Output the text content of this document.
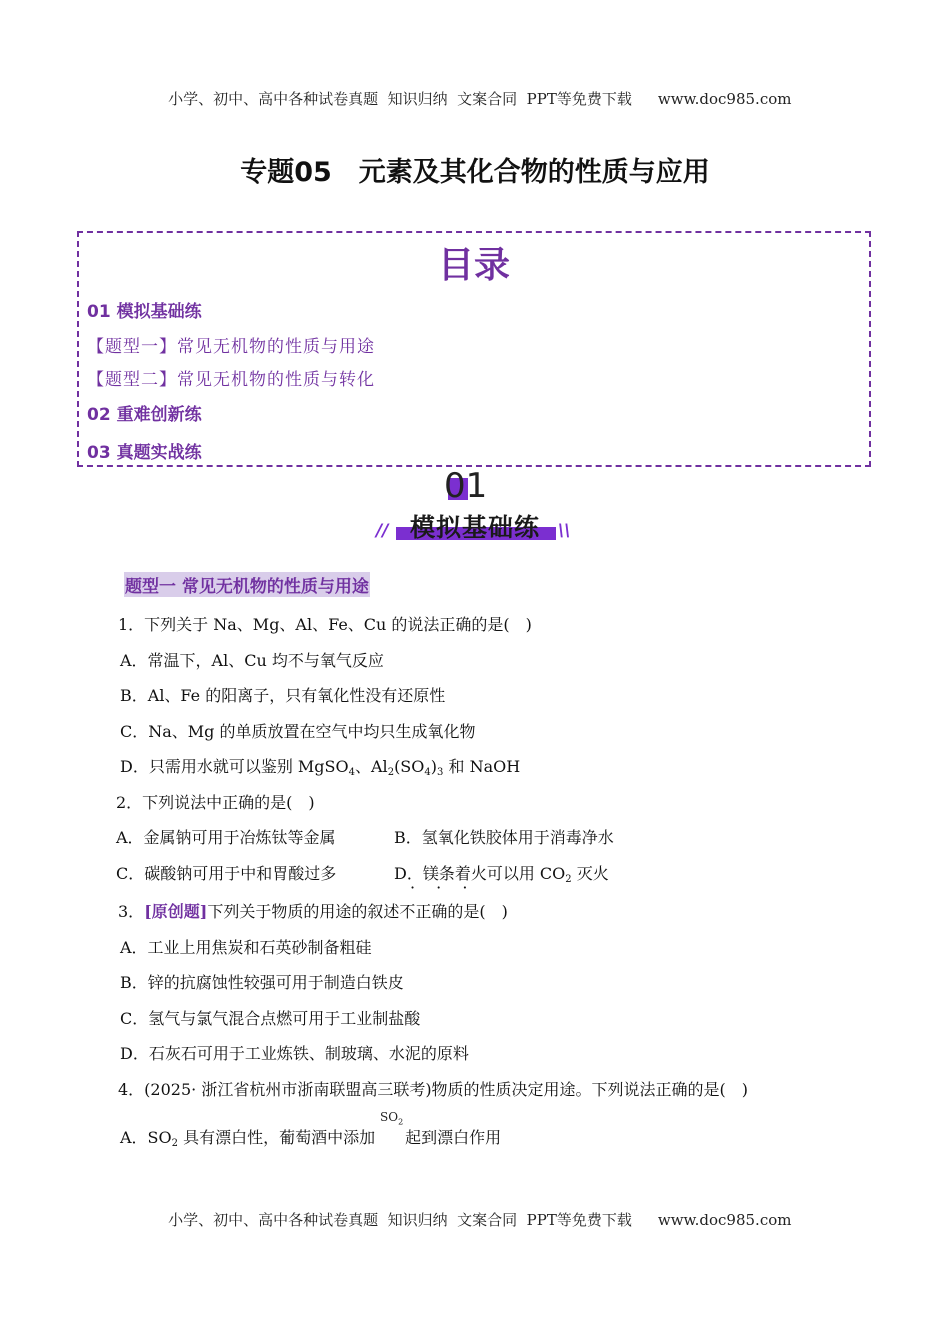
小学、初中、高中各种试卷真题  知识归纳  文案合同  PPT等免费下载 www.doc985.com

专题05　元素及其化合物的性质与应用
目录
01 模拟基础练
【题型一】常见无机物的性质与用途
【题型二】常见无机物的性质与转化
02 重难创新练
03 真题实战练
01
模拟基础练
//	\\
题型一 常见无机物的性质与用途
1．下列关于 Na、Mg、Al、Fe、Cu 的说法正确的是(　)
A．常温下，Al、Cu 均不与氧气反应
B．Al、Fe 的阳离子，只有氧化性没有还原性
C．Na、Mg 的单质放置在空气中均只生成氧化物
D．只需用水就可以鉴别 MgSO$_4$、$Al_2(SO_4)_3$ 和 NaOH
2．下列说法中正确的是(　)
A．金属钠可用于冶炼钛等金属	B．氢氧化铁胶体用于消毒净水
C．碳酸钠可用于中和胃酸过多	D．镁条着火可以用 $CO_2$ 灭火
· · ·
3．[原创题]下列关于物质的用途的叙述不正确的是(　)
A．工业上用焦炭和石英砂制备粗硅
B．锌的抗腐蚀性较强可用于制造白铁皮
C．氢气与氯气混合点燃可用于工业制盐酸
D．石灰石可用于工业炼铁、制玻璃、水泥的原料
4．(2025· 浙江省杭州市浙南联盟高三联考)物质的性质决定用途。下列说法正确的是(　)
$SO_2$
A．$SO_2$ 具有漂白性，葡萄酒中添加 起到漂白作用

小学、初中、高中各种试卷真题  知识归纳  文案合同  PPT等免费下载 www.doc985.com
